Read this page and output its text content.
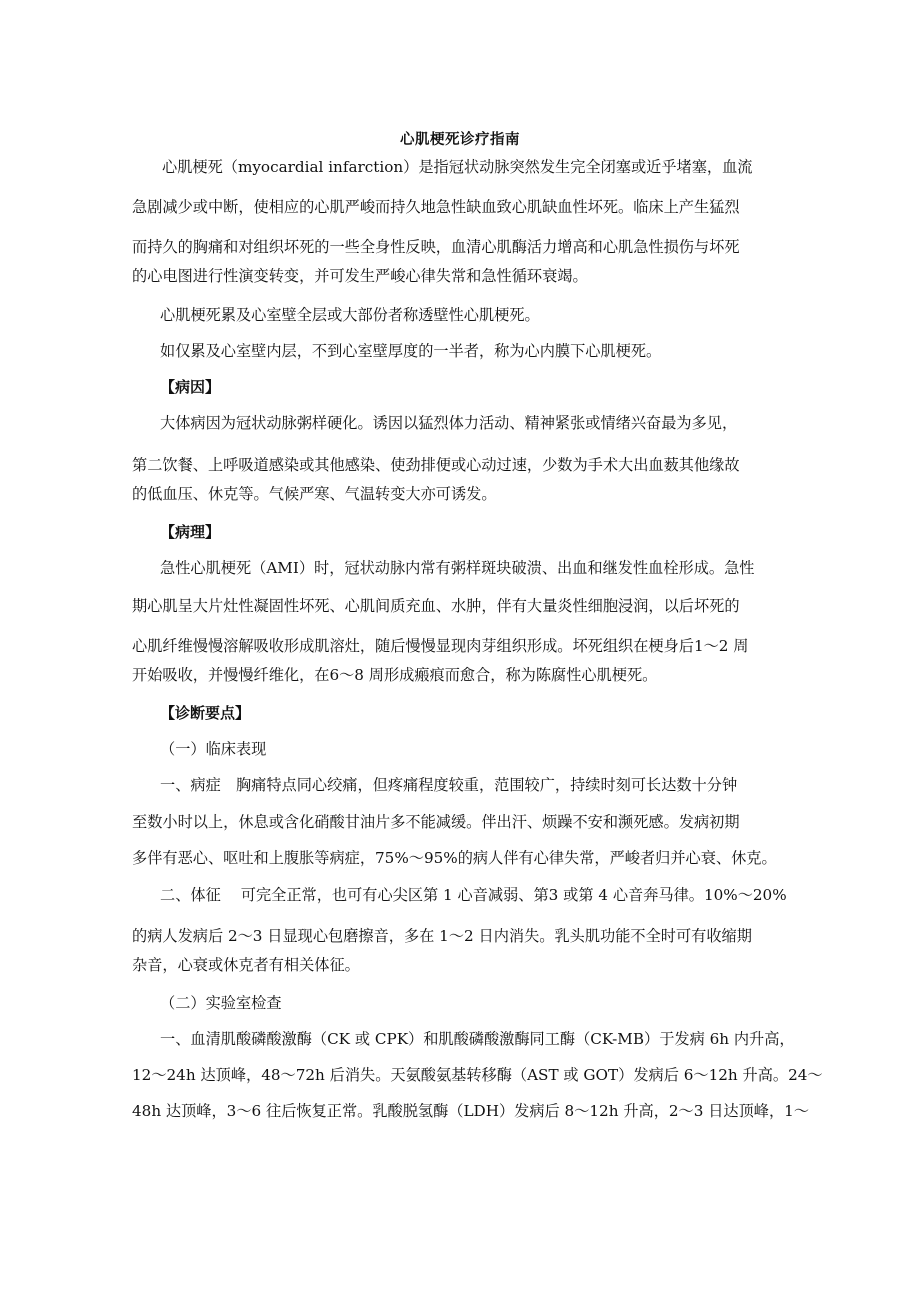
心肌梗死诊疗指南
心肌梗死（myocardial infarction）是指冠状动脉突然发生完全闭塞或近乎堵塞，血流
急剧减少或中断，使相应的心肌严峻而持久地急性缺血致心肌缺血性坏死。临床上产生猛烈
而持久的胸痛和对组织坏死的一些全身性反映，血清心肌酶活力增高和心肌急性损伤与坏死
的心电图进行性演变转变，并可发生严峻心律失常和急性循环衰竭。
心肌梗死累及心室壁全层或大部份者称透壁性心肌梗死。
如仅累及心室壁内层，不到心室壁厚度的一半者，称为心内膜下心肌梗死。
【病因】
大体病因为冠状动脉粥样硬化。诱因以猛烈体力活动、精神紧张或情绪兴奋最为多见，
第二饮餐、上呼吸道感染或其他感染、使劲排便或心动过速，少数为手术大出血薮其他缘故
的低血压、休克等。气候严寒、气温转变大亦可诱发。
【病理】
急性心肌梗死（AMI）时，冠状动脉内常有粥样斑块破溃、出血和继发性血栓形成。急性
期心肌呈大片灶性凝固性坏死、心肌间质充血、水肿，伴有大量炎性细胞浸润，以后坏死的
心肌纤维慢慢溶解吸收形成肌溶灶，随后慢慢显现肉芽组织形成。坏死组织在梗身后1～2 周
开始吸收，并慢慢纤维化，在6～8 周形成瘢痕而愈合，称为陈腐性心肌梗死。
【诊断要点】
（一）临床表现
一、病症　胸痛特点同心绞痛，但疼痛程度较重，范围较广，持续时刻可长达数十分钟
至数小时以上，休息或含化硝酸甘油片多不能减缓。伴出汗、烦躁不安和濒死感。发病初期
多伴有恶心、呕吐和上腹胀等病症，75%～95%的病人伴有心律失常，严峻者归并心衰、休克。
二、体征　 可完全正常，也可有心尖区第 1 心音减弱、第3 或第 4 心音奔马律。10%～20%
的病人发病后 2～3 日显现心包磨擦音，多在 1～2 日内消失。乳头肌功能不全时可有收缩期
杂音，心衰或休克者有相关体征。
（二）实验室检查
一、血清肌酸磷酸激酶（CK 或 CPK）和肌酸磷酸激酶同工酶（CK-MB）于发病 6h 内升高，
12～24h 达顶峰，48～72h 后消失。天氨酸氨基转移酶（AST 或 GOT）发病后 6～12h 升高。24～
48h 达顶峰，3～6 往后恢复正常。乳酸脱氢酶（LDH）发病后 8～12h 升高，2～3 日达顶峰，1～
